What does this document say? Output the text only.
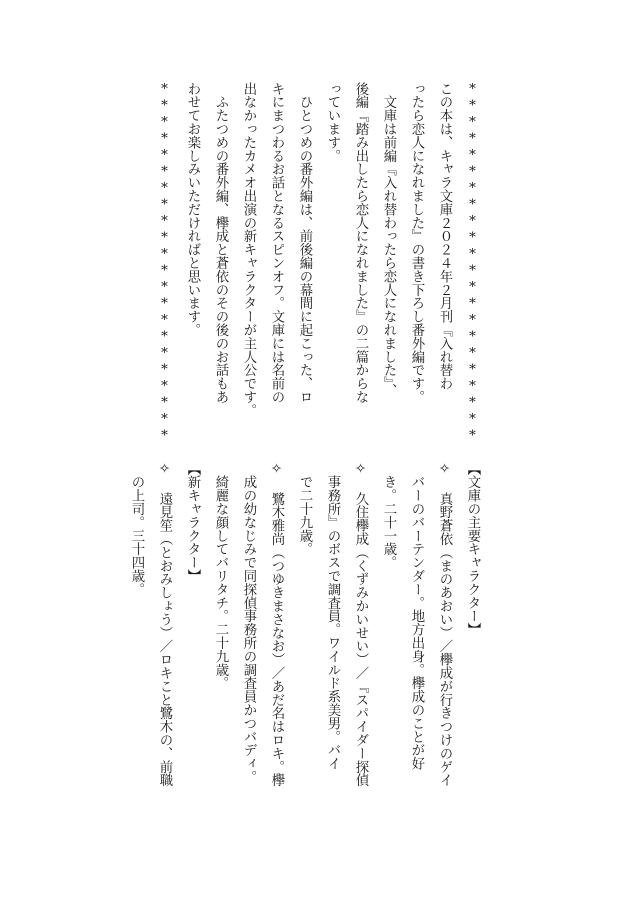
**********************

この本は、キャラ文庫２０２４年２月刊『入れ替わ

ったら恋人になれました』の書き下ろし番外編です。

　文庫は前編『入れ替わったら恋人になれました』、

後編『踏み出したら恋人になれました』の二篇からな

っています。

　ひとつめの番外編は、前後編の幕間に起こった、ロ

キにまつわるお話となるスピンオフ。文庫には名前の

出なかったカメオ出演の新キャラクターが主人公です。

　ふたつめの番外編、欅成と蒼依のその後のお話もあ

わせてお楽しみいただければと思います。

**********************

【文庫の主要キャラクター】

✧ 真野蒼依（まのあおい）／欅成が行きつけのゲイ

　バーのバーテンダー。地方出身。欅成のことが好

　き。二十一歳。

✧ 久住欅成（くずみかいせい）／『スパイダー探偵

　事務所』のボスで調査員。ワイルド系美男。バイ

　で二十九歳。

✧ 鷺木雅尚（つゆきまさなお）／あだ名はロキ。欅

　成の幼なじみで同探偵事務所の調査員かつバディ。

　綺麗な顔してバリタチ。二十九歳。

【新キャラクター】

✧ 遠見笙（とおみしょう）／ロキこと鷺木の、前職

　の上司。三十四歳。
